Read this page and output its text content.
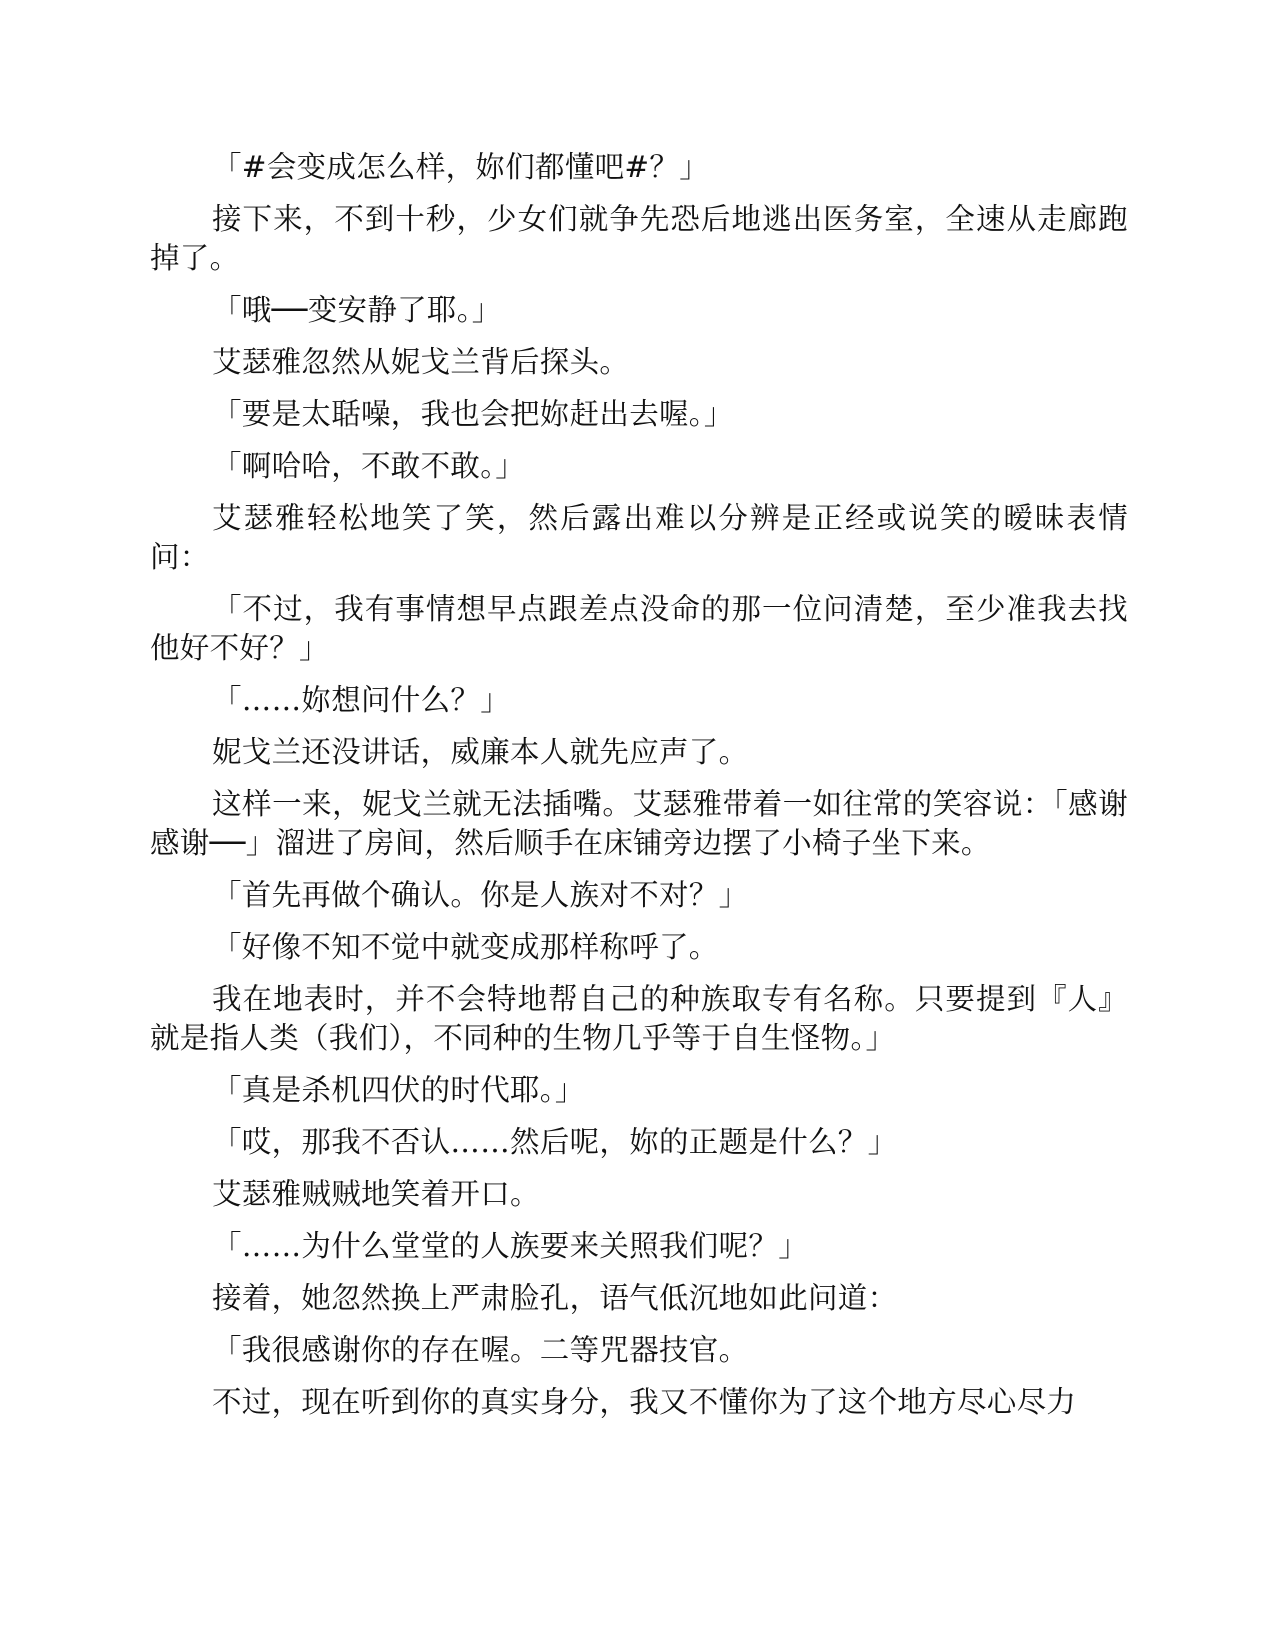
「#会变成怎么样，妳们都懂吧#？」

接下来，不到十秒，少女们就争先恐后地逃出医务室，全速从走廊跑掉了。

「哦──变安静了耶。」

艾瑟雅忽然从妮戈兰背后探头。

「要是太聒噪，我也会把妳赶出去喔。」

「啊哈哈，不敢不敢。」

艾瑟雅轻松地笑了笑，然后露出难以分辨是正经或说笑的暧昧表情问：

「不过，我有事情想早点跟差点没命的那一位问清楚，至少准我去找他好不好？」

「……妳想问什么？」

妮戈兰还没讲话，威廉本人就先应声了。

这样一来，妮戈兰就无法插嘴。艾瑟雅带着一如往常的笑容说：「感谢感谢──」溜进了房间，然后顺手在床铺旁边摆了小椅子坐下来。

「首先再做个确认。你是人族对不对？」

「好像不知不觉中就变成那样称呼了。

我在地表时，并不会特地帮自己的种族取专有名称。只要提到『人』就是指人类（我们），不同种的生物几乎等于自生怪物。」

「真是杀机四伏的时代耶。」

「哎，那我不否认……然后呢，妳的正题是什么？」

艾瑟雅贼贼地笑着开口。

「……为什么堂堂的人族要来关照我们呢？」

接着，她忽然换上严肃脸孔，语气低沉地如此问道：

「我很感谢你的存在喔。二等咒器技官。

不过，现在听到你的真实身分，我又不懂你为了这个地方尽心尽力
